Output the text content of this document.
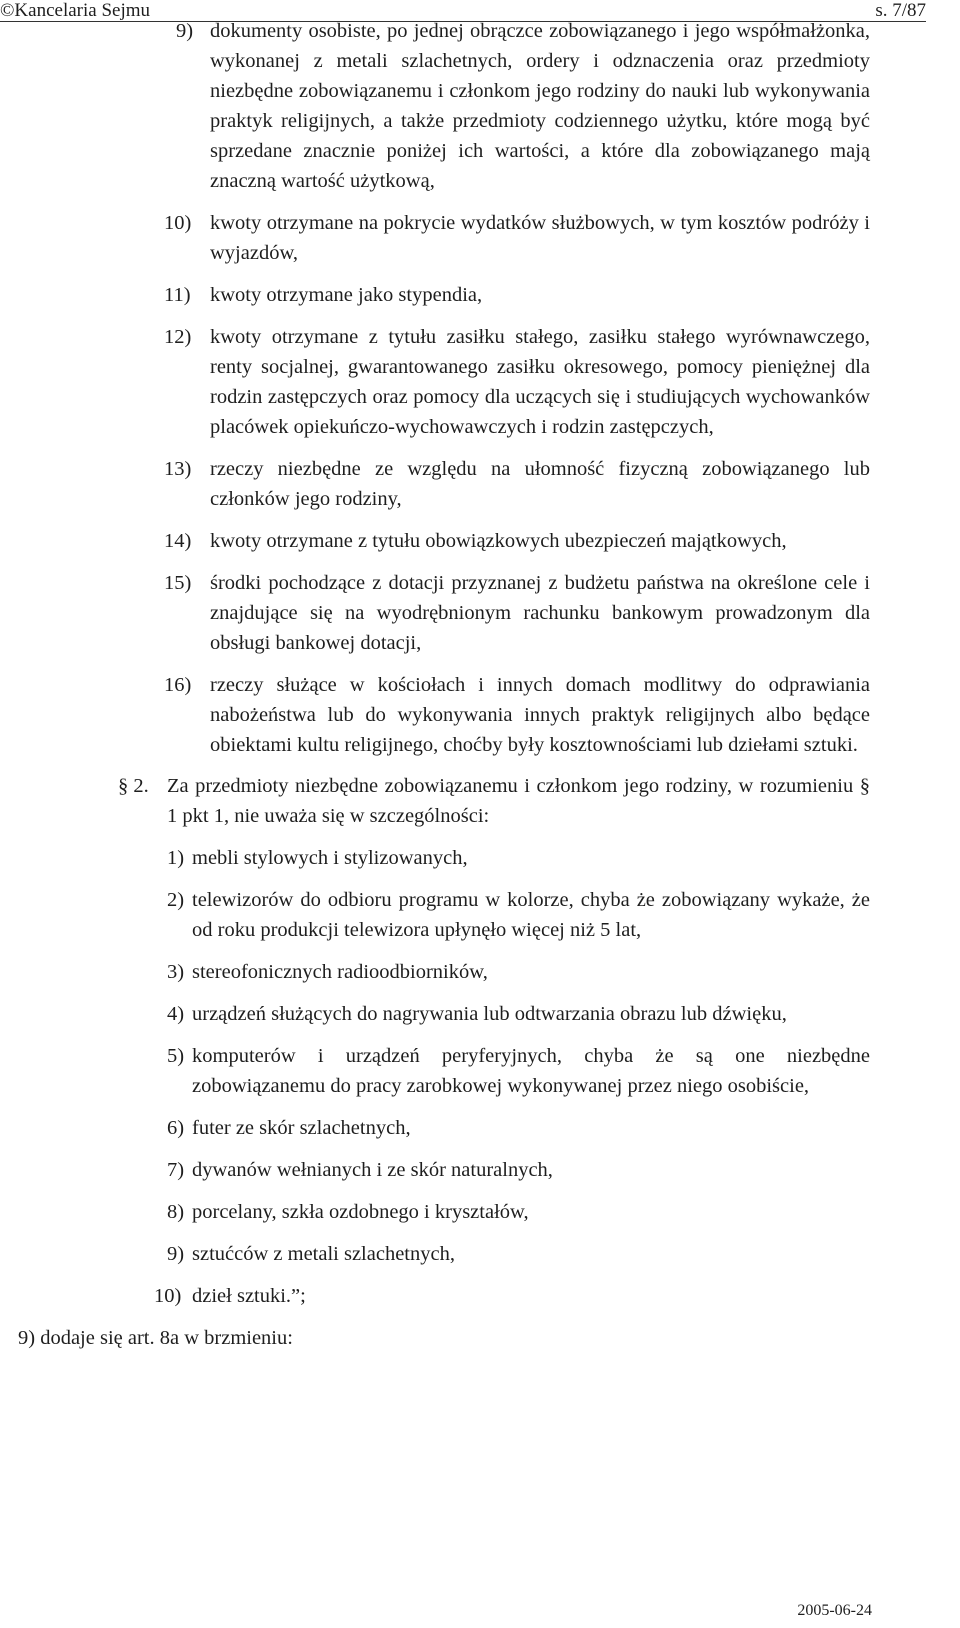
©Kancelaria Sejmu	s. 7/87
9) dokumenty osobiste, po jednej obrączce zobowiązanego i jego współmałżonka, wykonanej z metali szlachetnych, ordery i odznaczenia oraz przedmioty niezbędne zobowiązanemu i członkom jego rodziny do nauki lub wykonywania praktyk religijnych, a także przedmioty codziennego użytku, które mogą być sprzedane znacznie poniżej ich wartości, a które dla zobowiązanego mają znaczną wartość użytkową,
10) kwoty otrzymane na pokrycie wydatków służbowych, w tym kosztów podróży i wyjazdów,
11) kwoty otrzymane jako stypendia,
12) kwoty otrzymane z tytułu zasiłku stałego, zasiłku stałego wyrównawczego, renty socjalnej, gwarantowanego zasiłku okresowego, pomocy pieniężnej dla rodzin zastępczych oraz pomocy dla uczących się i studiujących wychowanków placówek opiekuńczo-wychowawczych i rodzin zastępczych,
13) rzeczy niezbędne ze względu na ułomność fizyczną zobowiązanego lub członków jego rodziny,
14) kwoty otrzymane z tytułu obowiązkowych ubezpieczeń majątkowych,
15) środki pochodzące z dotacji przyznanej z budżetu państwa na określone cele i znajdujące się na wyodrębnionym rachunku bankowym prowadzonym dla obsługi bankowej dotacji,
16) rzeczy służące w kościołach i innych domach modlitwy do odprawiania nabożeństwa lub do wykonywania innych praktyk religijnych albo będące obiektami kultu religijnego, choćby były kosztownościami lub dziełami sztuki.
§ 2. Za przedmioty niezbędne zobowiązanemu i członkom jego rodziny, w rozumieniu § 1 pkt 1, nie uważa się w szczególności:
1) mebli stylowych i stylizowanych,
2) telewizorów do odbioru programu w kolorze, chyba że zobowiązany wykaże, że od roku produkcji telewizora upłynęło więcej niż 5 lat,
3) stereofonicznych radioodbiorników,
4) urządzeń służących do nagrywania lub odtwarzania obrazu lub dźwięku,
5) komputerów i urządzeń peryferyjnych, chyba że są one niezbędne zobowiązanemu do pracy zarobkowej wykonywanej przez niego osobiście,
6) futer ze skór szlachetnych,
7) dywanów wełnianych i ze skór naturalnych,
8) porcelany, szkła ozdobnego i kryształów,
9) sztućców z metali szlachetnych,
10) dzieł sztuki.”;
9) dodaje się art. 8a w brzmieniu:
2005-06-24
